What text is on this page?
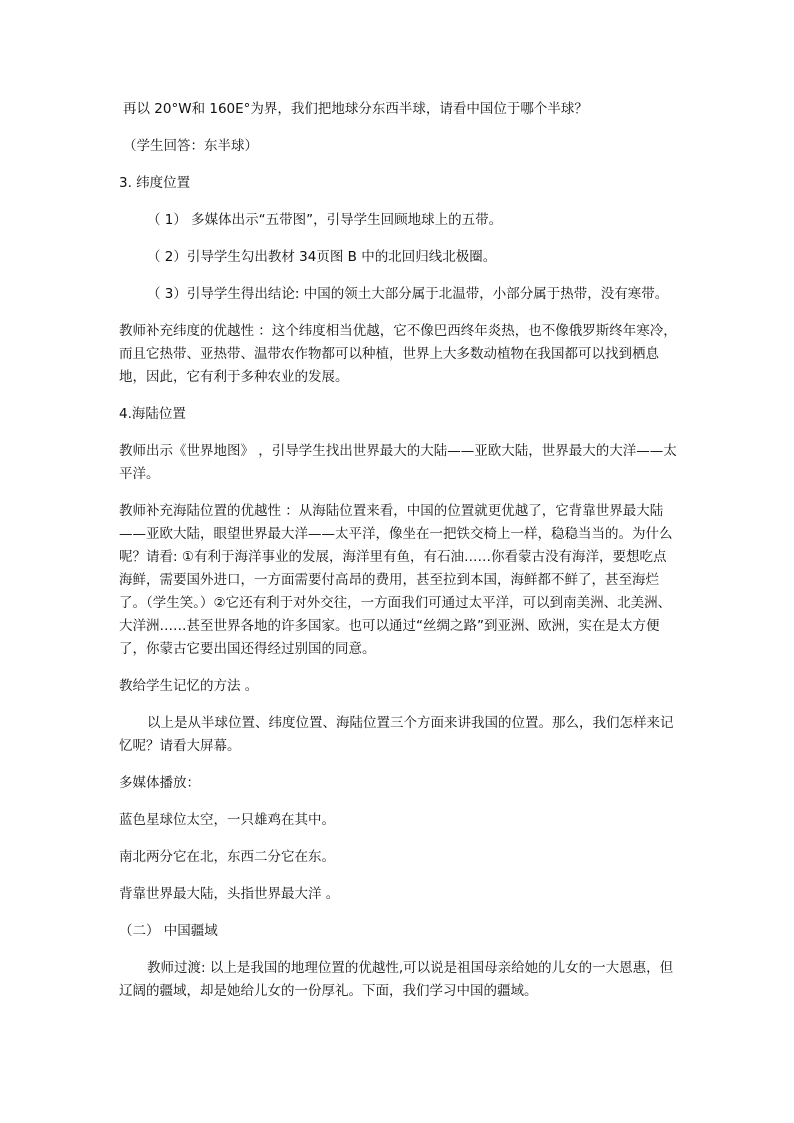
再以 20°W和 160E°为界，我们把地球分东西半球，请看中国位于哪个半球？

（学生回答：东半球）

3. 纬度位置

（ 1） 多媒体出示“五带图”，引导学生回顾地球上的五带。

（ 2）引导学生勾出教材 34页图 B 中的北回归线北极圈。

（ 3）引导学生得出结论: 中国的领土大部分属于北温带，小部分属于热带，没有寒带。

教师补充纬度的优越性 ：这个纬度相当优越，它不像巴西终年炎热，也不像俄罗斯终年寒冷，而且它热带、亚热带、温带农作物都可以种植，世界上大多数动植物在我国都可以找到栖息地，因此，它有利于多种农业的发展。

4.海陆位置

教师出示《世界地图》 ，引导学生找出世界最大的大陆——亚欧大陆，世界最大的大洋——太平洋。

教师补充海陆位置的优越性 ：从海陆位置来看，中国的位置就更优越了，它背靠世界最大陆——亚欧大陆，眼望世界最大洋——太平洋，像坐在一把铁交椅上一样，稳稳当当的。为什么呢？请看: ①有利于海洋事业的发展，海洋里有鱼，有石油……你看蒙古没有海洋，要想吃点海鲜，需要国外进口，一方面需要付高昂的费用，甚至拉到本国，海鲜都不鲜了，甚至海烂了。（学生笑。）②它还有利于对外交往，一方面我们可通过太平洋，可以到南美洲、北美洲、大洋洲……甚至世界各地的许多国家。也可以通过“丝绸之路”到亚洲、欧洲，实在是太方便了，你蒙古它要出国还得经过别国的同意。

教给学生记忆的方法 。

以上是从半球位置、纬度位置、海陆位置三个方面来讲我国的位置。那么，我们怎样来记忆呢？请看大屏幕。

多媒体播放：

蓝色星球位太空，一只雄鸡在其中。

南北两分它在北，东西二分它在东。

背靠世界最大陆，头指世界最大洋 。

（二） 中国疆域

教师过渡: 以上是我国的地理位置的优越性,可以说是祖国母亲给她的儿女的一大恩惠，但辽阔的疆域，却是她给儿女的一份厚礼。下面，我们学习中国的疆域。
